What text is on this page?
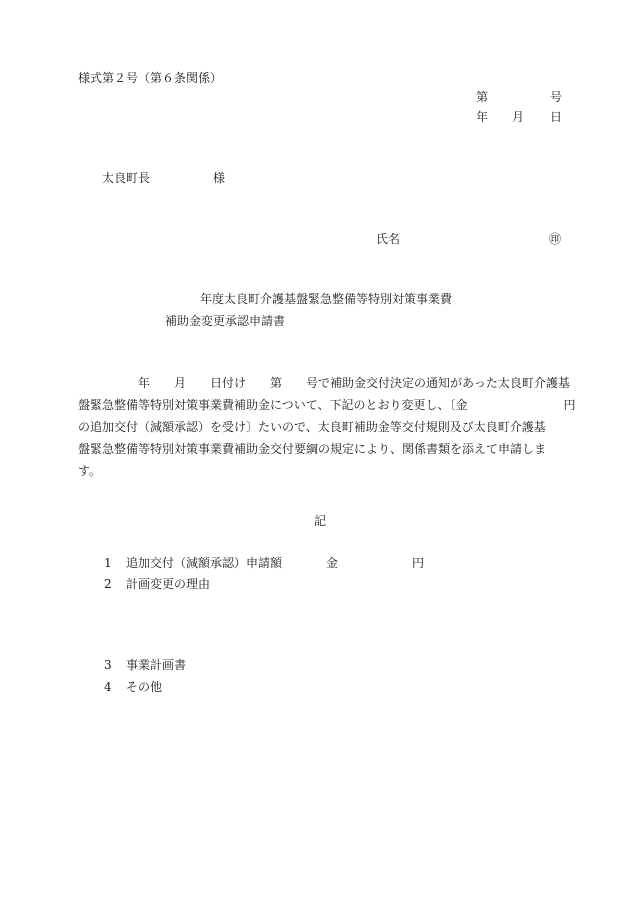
様式第２号（第６条関係）
第	号
年 月 日
太良町長	様
氏名	㊞
年度太良町介護基盤緊急整備等特別対策事業費
補助金変更承認申請書
　　　　　年　　月　　日付け　　第　　号で補助金交付決定の通知があった太良町介護基
盤緊急整備等特別対策事業費補助金について、下記のとおり変更し、〔金　　　　　　　　円
の追加交付（減額承認）を受け〕たいので、太良町補助金等交付規則及び太良町介護基
盤緊急整備等特別対策事業費補助金交付要綱の規定により、関係書類を添えて申請しま
す。
記
1 追加交付（減額承認）申請額	金	円
2 計画変更の理由
3 事業計画書
4 その他
